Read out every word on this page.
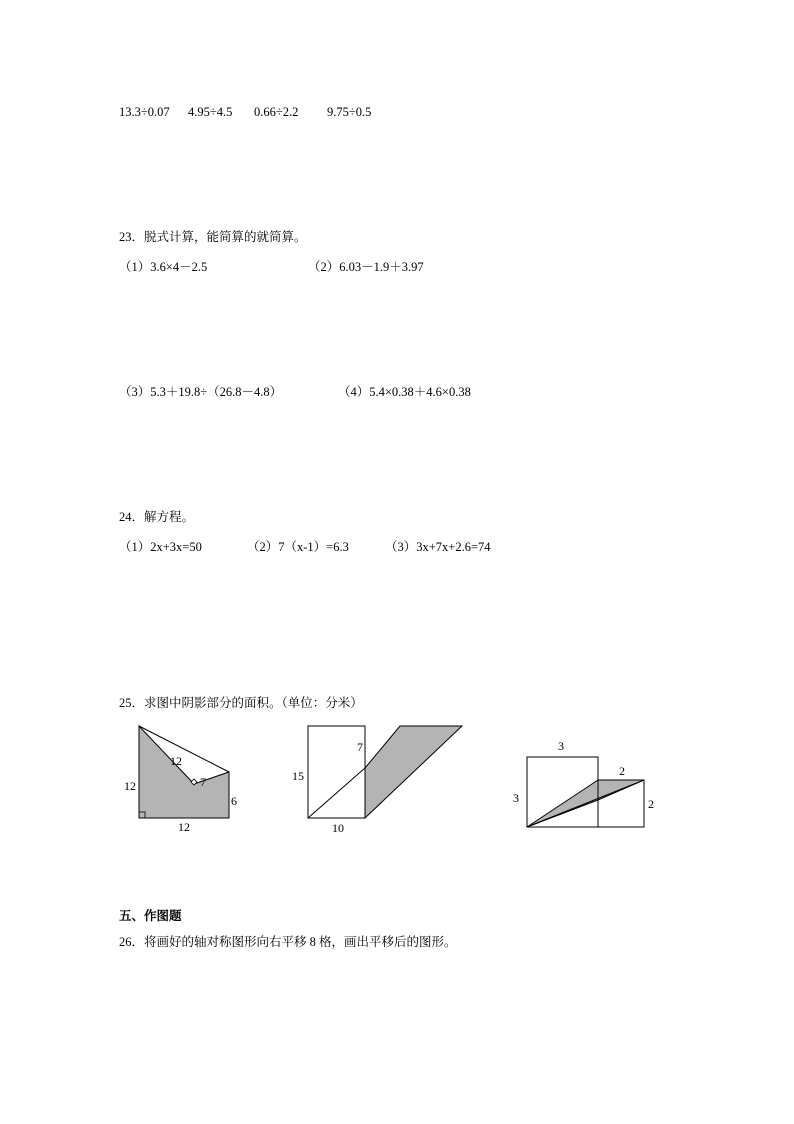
13.3÷0.07 4.95÷4.5 0.66÷2.2 9.75÷0.5
23．脱式计算，能简算的就简算。
（1）3.6×4－2.5	（2）6.03－1.9＋3.97
（3）5.3＋19.8÷（26.8－4.8）	（4）5.4×0.38＋4.6×0.38
24．解方程。
（1）2x+3x=50	（2）7（x-1）=6.3	（3）3x+7x+2.6=74
25．求图中阴影部分的面积。（单位：分米）
12
12
7
6
12
7
15
10
3
3
2
2
五、作图题
26．将画好的轴对称图形向右平移 8 格，画出平移后的图形。
